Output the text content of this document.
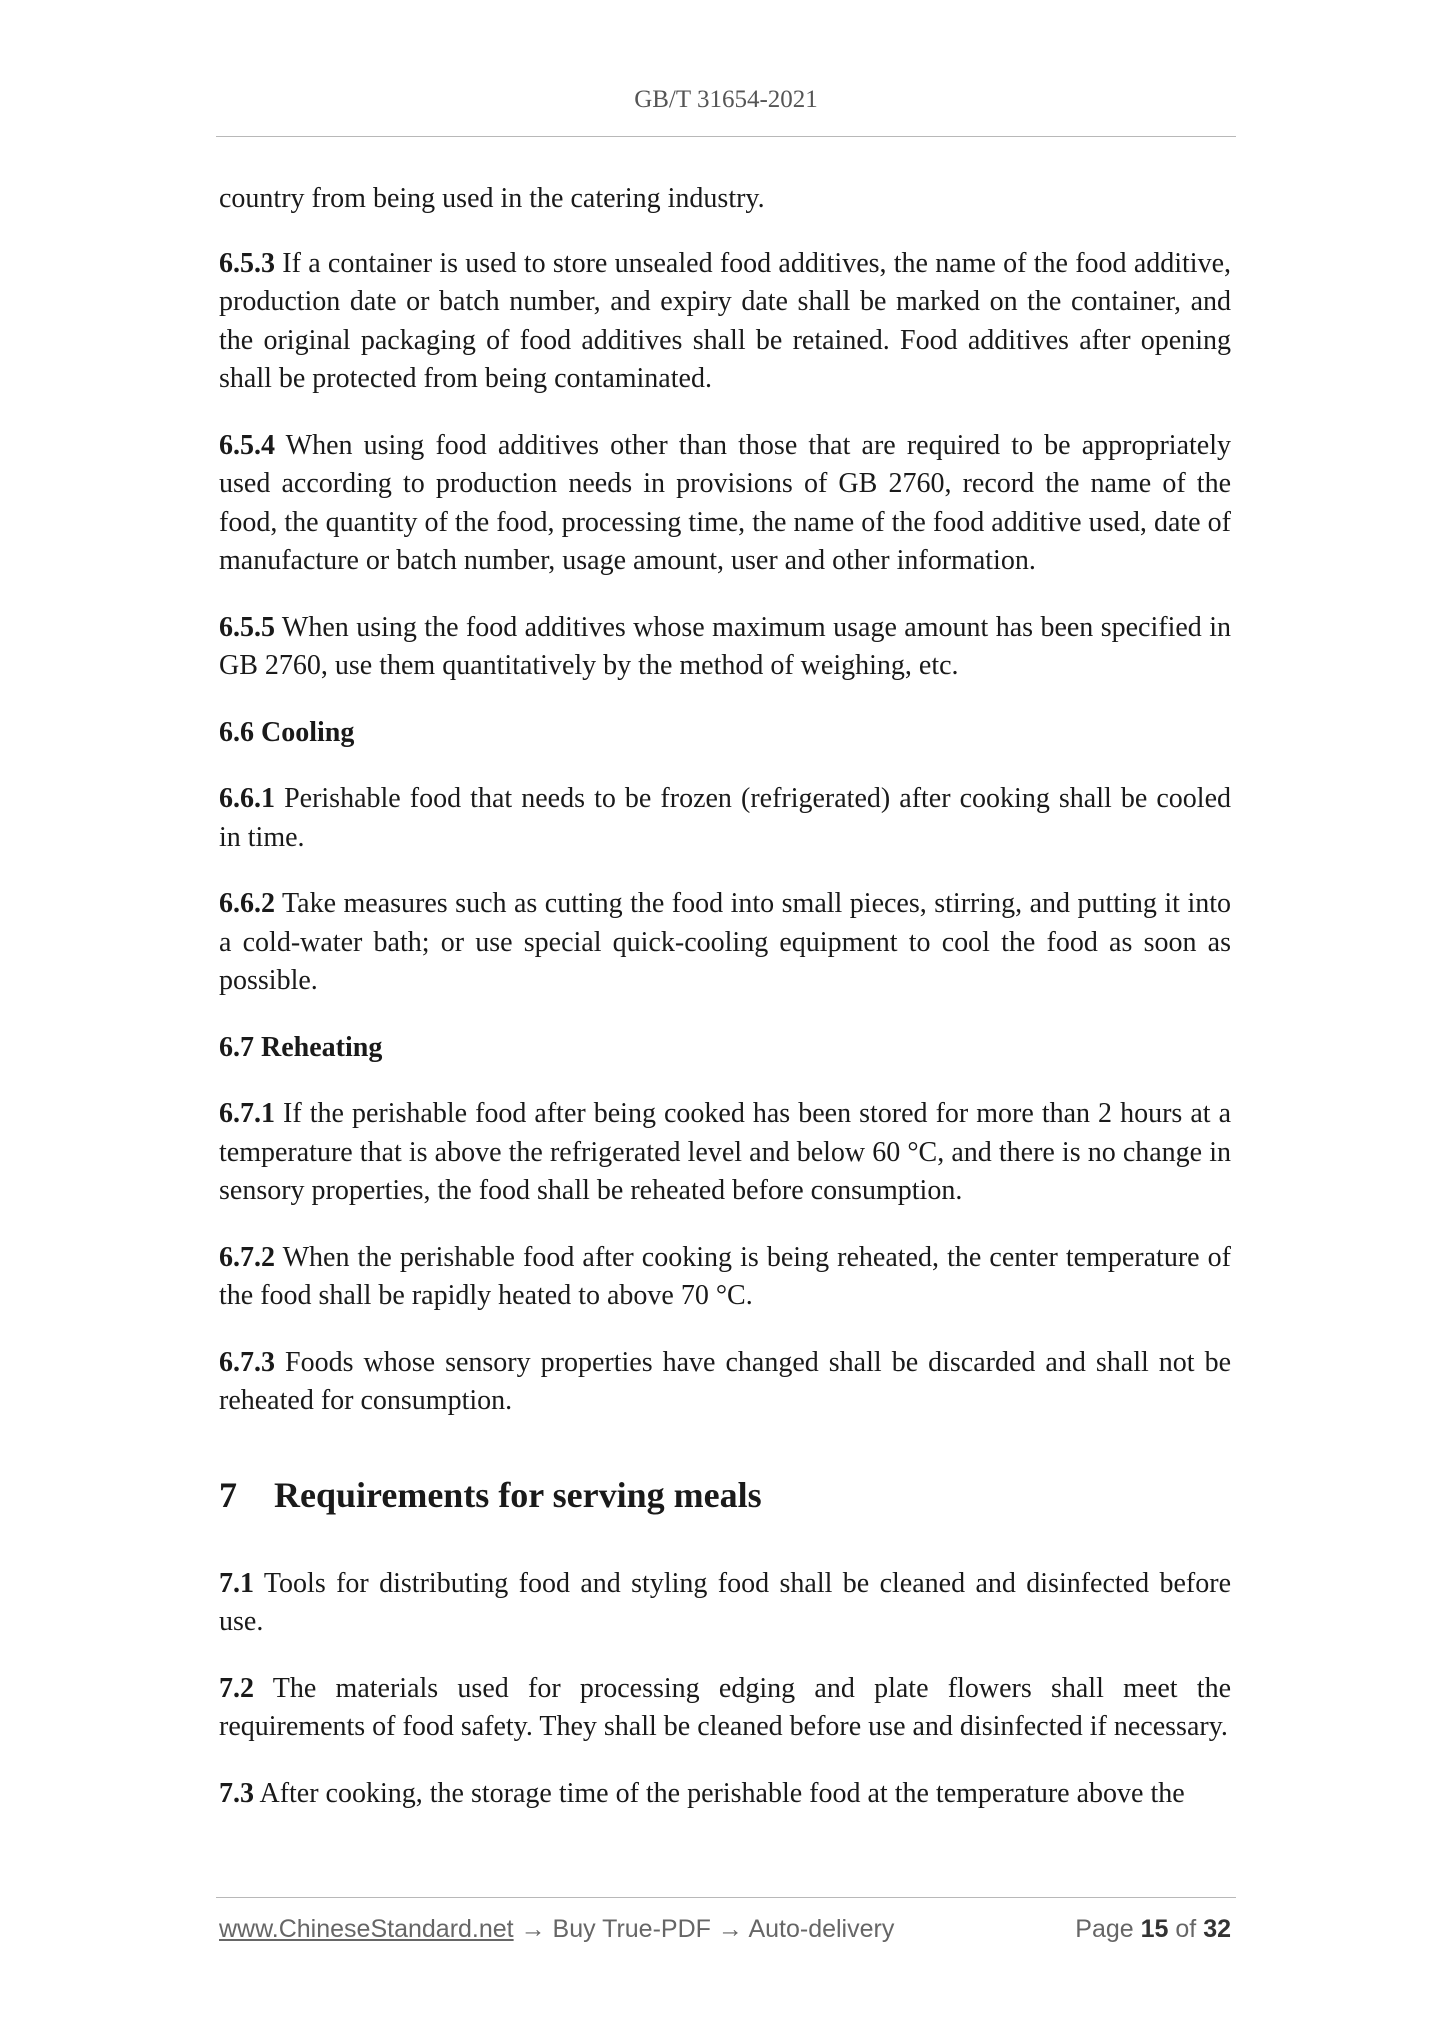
GB/T 31654-2021

country from being used in the catering industry.

6.5.3 If a container is used to store unsealed food additives, the name of the food additive, production date or batch number, and expiry date shall be marked on the container, and the original packaging of food additives shall be retained. Food additives after opening shall be protected from being contaminated.

6.5.4 When using food additives other than those that are required to be appropriately used according to production needs in provisions of GB 2760, record the name of the food, the quantity of the food, processing time, the name of the food additive used, date of manufacture or batch number, usage amount, user and other information.

6.5.5 When using the food additives whose maximum usage amount has been specified in GB 2760, use them quantitatively by the method of weighing, etc.

6.6 Cooling

6.6.1 Perishable food that needs to be frozen (refrigerated) after cooking shall be cooled in time.

6.6.2 Take measures such as cutting the food into small pieces, stirring, and putting it into a cold-water bath; or use special quick-cooling equipment to cool the food as soon as possible.

6.7 Reheating

6.7.1 If the perishable food after being cooked has been stored for more than 2 hours at a temperature that is above the refrigerated level and below 60 °C, and there is no change in sensory properties, the food shall be reheated before consumption.

6.7.2 When the perishable food after cooking is being reheated, the center temperature of the food shall be rapidly heated to above 70 °C.

6.7.3 Foods whose sensory properties have changed shall be discarded and shall not be reheated for consumption.

7 Requirements for serving meals

7.1 Tools for distributing food and styling food shall be cleaned and disinfected before use.

7.2 The materials used for processing edging and plate flowers shall meet the requirements of food safety. They shall be cleaned before use and disinfected if necessary.

7.3 After cooking, the storage time of the perishable food at the temperature above the

www.ChineseStandard.net → Buy True-PDF → Auto-delivery	Page 15 of 32
